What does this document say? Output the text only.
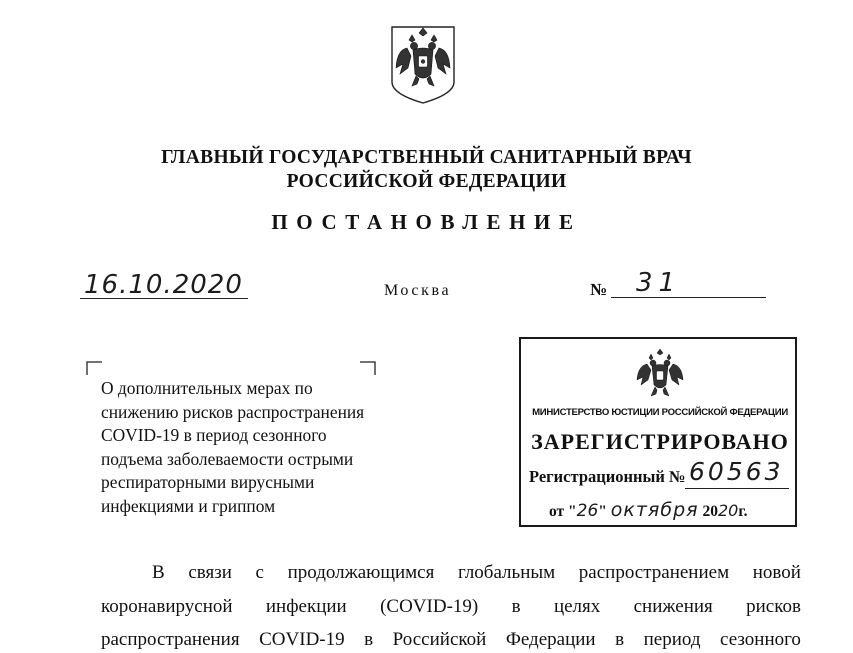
ГЛАВНЫЙ ГОСУДАРСТВЕННЫЙ САНИТАРНЫЙ ВРАЧ
РОССИЙСКОЙ ФЕДЕРАЦИИ
ПОСТАНОВЛЕНИЕ
16.10.2020	Москва	№ 31
О дополнительных мерах по
снижению рисков распространения
COVID-19 в период сезонного
подъема заболеваемости острыми
респираторными вирусными
инфекциями и гриппом
МИНИСТЕРСТВО ЮСТИЦИИ РОССИЙСКОЙ ФЕДЕРАЦИИ
ЗАРЕГИСТРИРОВАНО
Регистрационный № 60563
от "26" октября 2020г.
В связи с продолжающимся глобальным распространением новой
коронавирусной инфекции (COVID-19) в целях снижения рисков
распространения COVID-19 в Российской Федерации в период сезонного
